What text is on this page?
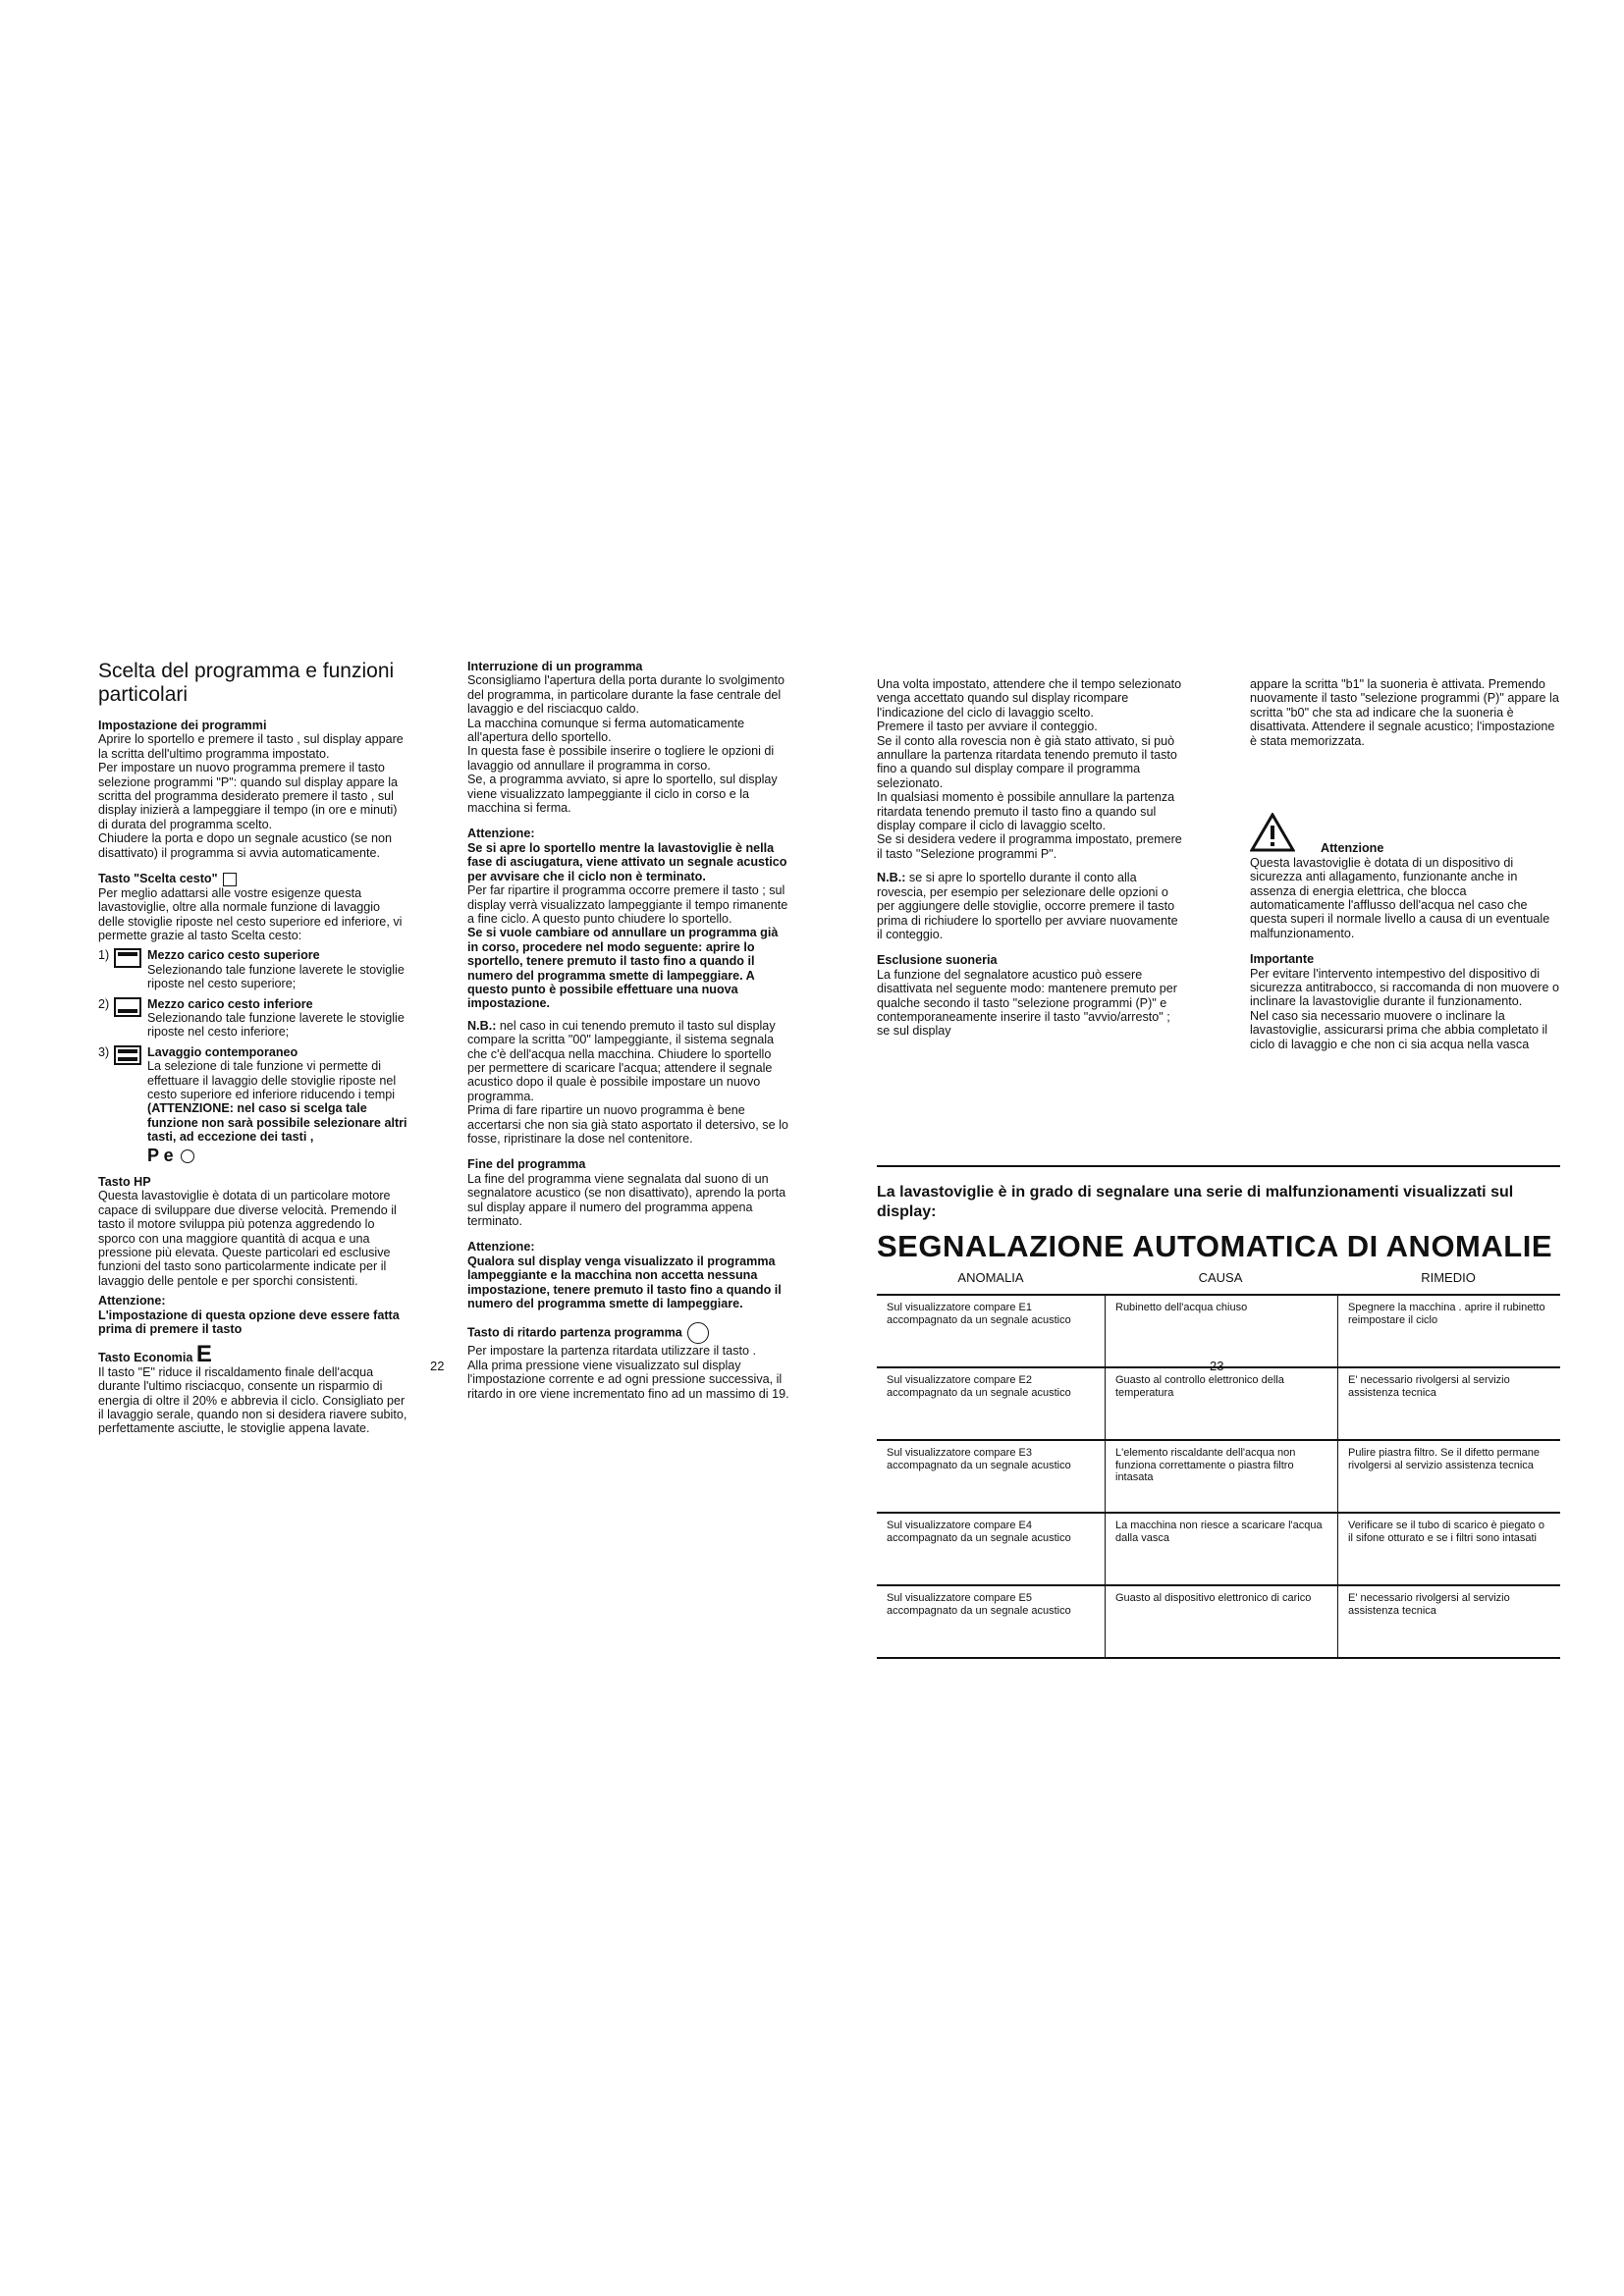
Scelta del programma e funzioni particolari

Impostazione dei programmi

Aprire lo sportello e premere il tasto , sul display appare la scritta dell'ultimo programma impostato.

Per impostare un nuovo programma premere il tasto selezione programmi "P": quando sul display appare la scritta del programma desiderato premere il tasto , sul display inizierà a lampeggiare il tempo (in ore e minuti) di durata del programma scelto.

Chiudere la porta e dopo un segnale acustico (se non disattivato) il programma si avvia automaticamente.

Tasto "Scelta cesto"

Per meglio adattarsi alle vostre esigenze questa lavastoviglie, oltre alla normale funzione di lavaggio delle stoviglie riposte nel cesto superiore ed inferiore, vi permette grazie al tasto Scelta cesto:

1)	Mezzo carico cesto superiore

Selezionando tale funzione laverete le stoviglie riposte nel cesto superiore;

2)	Mezzo carico cesto inferiore

Selezionando tale funzione laverete le stoviglie riposte nel cesto inferiore;

3)	Lavaggio contemporaneo

La selezione di tale funzione vi permette di effettuare il lavaggio delle stoviglie riposte nel cesto superiore ed inferiore riducendo i tempi

(ATTENZIONE: nel caso si scelga tale funzione non sarà possibile selezionare altri tasti, ad eccezione dei tasti ,

P e

Tasto HP

Questa lavastoviglie è dotata di un particolare motore capace di sviluppare due diverse velocità. Premendo il tasto il motore sviluppa più potenza aggredendo lo sporco con una maggiore quantità di acqua e una pressione più elevata. Queste particolari ed esclusive funzioni del tasto sono particolarmente indicate per il lavaggio delle pentole e per sporchi consistenti.

Attenzione:

L'impostazione di questa opzione deve essere fatta prima di premere il tasto

Tasto Economia E

Il tasto "E" riduce il riscaldamento finale dell'acqua durante l'ultimo risciacquo, consente un risparmio di energia di oltre il 20% e abbrevia il ciclo. Consigliato per il lavaggio serale, quando non si desidera riavere subito, perfettamente asciutte, le stoviglie appena lavate.

Interruzione di un programma

Sconsigliamo l'apertura della porta durante lo svolgimento del programma, in particolare durante la fase centrale del lavaggio e del risciacquo caldo.

La macchina comunque si ferma automaticamente all'apertura dello sportello.

In questa fase è possibile inserire o togliere le opzioni di lavaggio od annullare il programma in corso.

Se, a programma avviato, si apre lo sportello, sul display viene visualizzato lampeggiante il ciclo in corso e la macchina si ferma.

Attenzione:

Se si apre lo sportello mentre la lavastoviglie è nella fase di asciugatura, viene attivato un segnale acustico per avvisare che il ciclo non è terminato.

Per far ripartire il programma occorre premere il tasto ; sul display verrà visualizzato lampeggiante il tempo rimanente a fine ciclo. A questo punto chiudere lo sportello.

Se si vuole cambiare od annullare un programma già in corso, procedere nel modo seguente: aprire lo sportello, tenere premuto il tasto fino a quando il numero del programma smette di lampeggiare. A questo punto è possibile effettuare una nuova impostazione.

N.B.: nel caso in cui tenendo premuto il tasto sul display compare la scritta "00" lampeggiante, il sistema segnala che c'è dell'acqua nella macchina. Chiudere lo sportello per permettere di scaricare l'acqua; attendere il segnale acustico dopo il quale è possibile impostare un nuovo programma.

Prima di fare ripartire un nuovo programma è bene accertarsi che non sia già stato asportato il detersivo, se lo fosse, ripristinare la dose nel contenitore.

Fine del programma

La fine del programma viene segnalata dal suono di un segnalatore acustico (se non disattivato), aprendo la porta sul display appare il numero del programma appena terminato.

Attenzione:

Qualora sul display venga visualizzato il programma lampeggiante e la macchina non accetta nessuna impostazione, tenere premuto il tasto fino a quando il numero del programma smette di lampeggiare.

Tasto di ritardo partenza programma

Per impostare la partenza ritardata utilizzare il tasto .

Alla prima pressione viene visualizzato sul display l'impostazione corrente e ad ogni pressione successiva, il ritardo in ore viene incrementato fino ad un massimo di 19.

22

Una volta impostato, attendere che il tempo selezionato venga accettato quando sul display ricompare l'indicazione del ciclo di lavaggio scelto.

Premere il tasto per avviare il conteggio.

Se il conto alla rovescia non è già stato attivato, si può annullare la partenza ritardata tenendo premuto il tasto fino a quando sul display compare il programma selezionato.

In qualsiasi momento è possibile annullare la partenza ritardata tenendo premuto il tasto fino a quando sul display compare il ciclo di lavaggio scelto.

Se si desidera vedere il programma impostato, premere il tasto "Selezione programmi P".

N.B.: se si apre lo sportello durante il conto alla rovescia, per esempio per selezionare delle opzioni o per aggiungere delle stoviglie, occorre premere il tasto prima di richiudere lo sportello per avviare nuovamente il conteggio.

Esclusione suoneria

La funzione del segnalatore acustico può essere disattivata nel seguente modo: mantenere premuto per qualche secondo il tasto "selezione programmi (P)" e contemporaneamente inserire il tasto "avvio/arresto" ; se sul display

appare la scritta "b1" la suoneria è attivata. Premendo nuovamente il tasto "selezione programmi (P)" appare la scritta "b0" che sta ad indicare che la suoneria è disattivata. Attendere il segnale acustico; l'impostazione è stata memorizzata.

Attenzione

Questa lavastoviglie è dotata di un dispositivo di sicurezza anti allagamento, funzionante anche in assenza di energia elettrica, che blocca automaticamente l'afflusso dell'acqua nel caso che questa superi il normale livello a causa di un eventuale malfunzionamento.

Importante

Per evitare l'intervento intempestivo del dispositivo di sicurezza antitrabocco, si raccomanda di non muovere o inclinare la lavastoviglie durante il funzionamento.

Nel caso sia necessario muovere o inclinare la lavastoviglie, assicurarsi prima che abbia completato il ciclo di lavaggio e che non ci sia acqua nella vasca

La lavastoviglie è in grado di segnalare una serie di malfunzionamenti visualizzati sul display:
SEGNALAZIONE AUTOMATICA DI ANOMALIE
ANOMALIA	CAUSA	RIMEDIO
Sul visualizzatore compare E1 accompagnato da un segnale acustico	Rubinetto dell'acqua chiuso	Spegnere la macchina . aprire il rubinetto reimpostare il ciclo
Sul visualizzatore compare E2 accompagnato da un segnale acustico	Guasto al controllo elettronico della temperatura	E' necessario rivolgersi al servizio assistenza tecnica
Sul visualizzatore compare E3 accompagnato da un segnale acustico	L'elemento riscaldante dell'acqua non funziona correttamente o piastra filtro intasata	Pulire piastra filtro. Se il difetto permane rivolgersi al servizio assistenza tecnica
Sul visualizzatore compare E4 accompagnato da un segnale acustico	La macchina non riesce a scaricare l'acqua dalla vasca	Verificare se il tubo di scarico è piegato o il sifone otturato e se i filtri sono intasati
Sul visualizzatore compare E5 accompagnato da un segnale acustico	Guasto al dispositivo elettronico di carico	E' necessario rivolgersi al servizio assistenza tecnica
23
